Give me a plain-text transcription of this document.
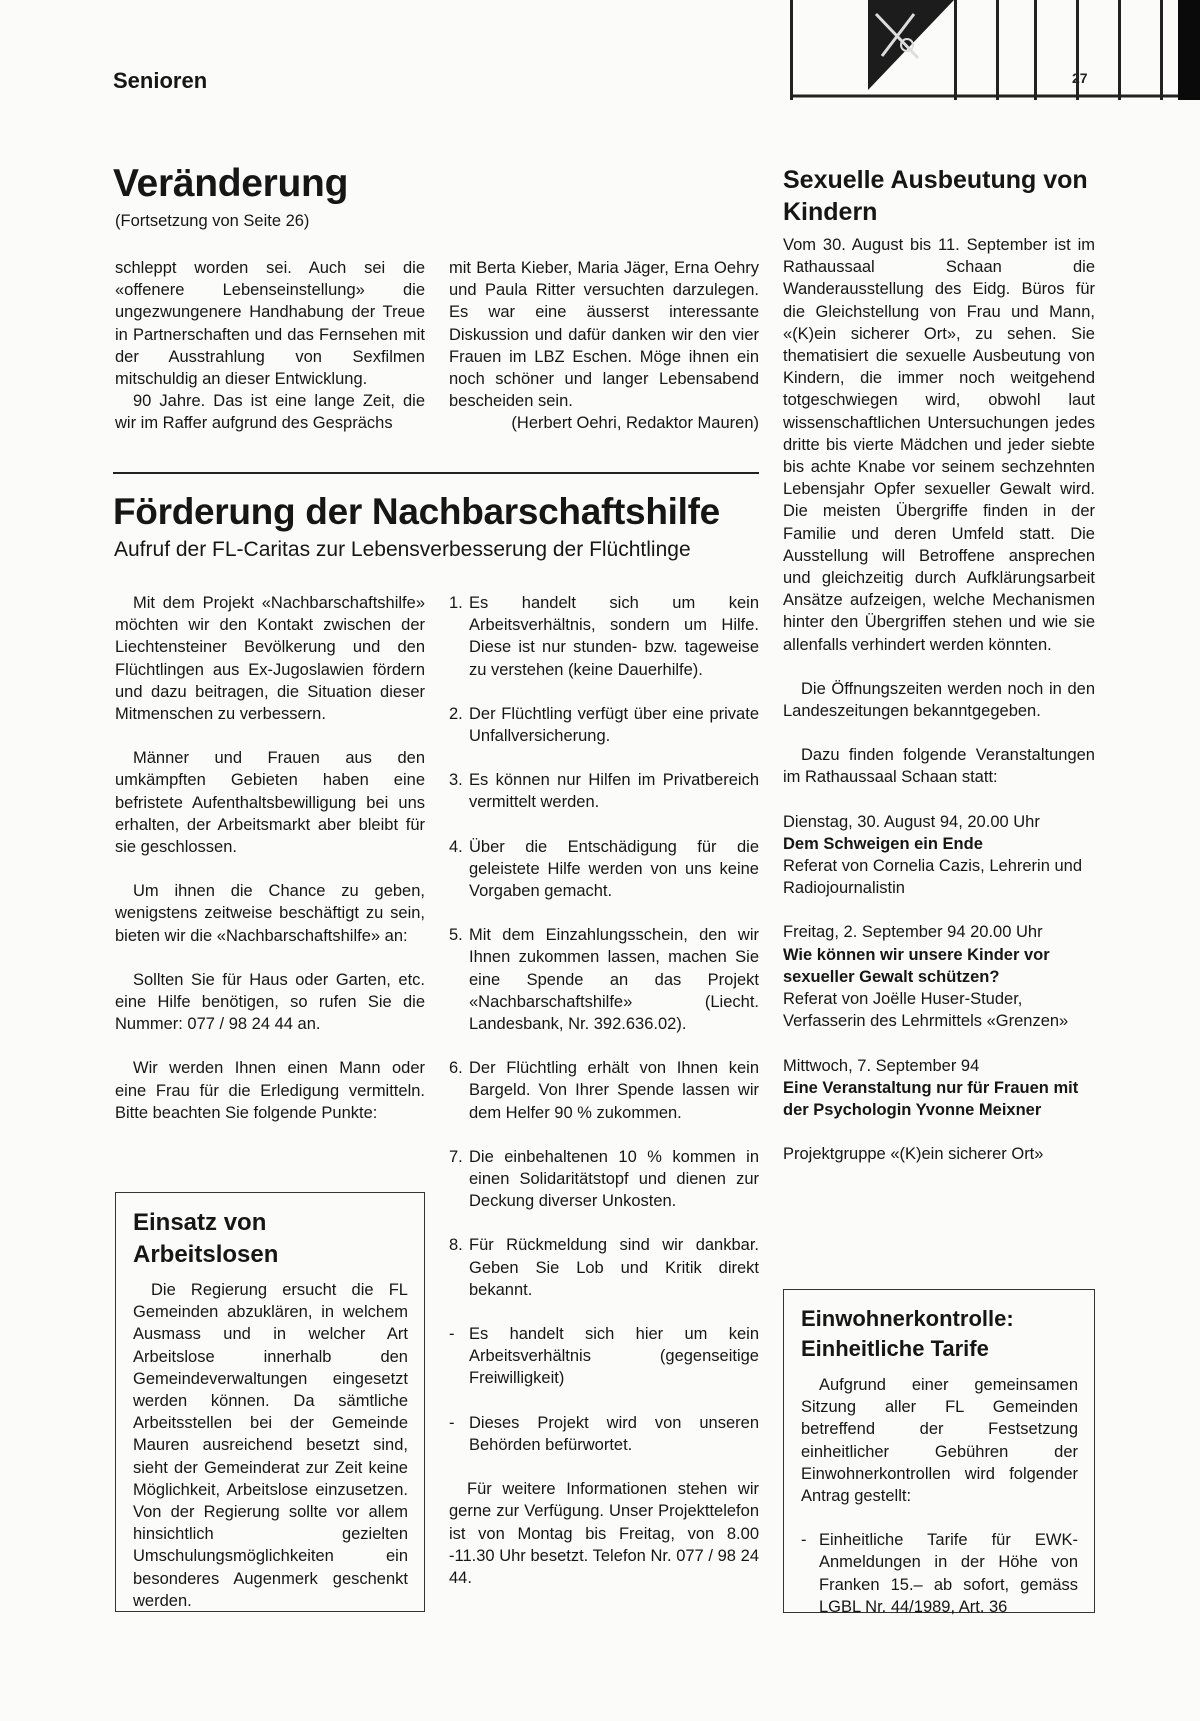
27
Senioren
Veränderung
(Fortsetzung von Seite 26)

schleppt worden sei. Auch sei die «offenere Lebenseinstellung» die ungezwungenere Handhabung der Treue in Partnerschaften und das Fernsehen mit der Ausstrahlung von Sexfilmen mitschuldig an dieser Entwicklung.

90 Jahre. Das ist eine lange Zeit, die wir im Raffer aufgrund des Gesprächs

mit Berta Kieber, Maria Jäger, Erna Oehry und Paula Ritter versuchten darzulegen. Es war eine äusserst interessante Diskussion und dafür danken wir den vier Frauen im LBZ Eschen. Möge ihnen ein noch schöner und langer Lebensabend bescheiden sein.

(Herbert Oehri, Redaktor Mauren)

Förderung der Nachbarschaftshilfe
Aufruf der FL-Caritas zur Lebensverbesserung der Flüchtlinge

Mit dem Projekt «Nachbarschaftshilfe» möchten wir den Kontakt zwischen der Liechtensteiner Bevölkerung und den Flüchtlingen aus Ex-Jugoslawien fördern und dazu beitragen, die Situation dieser Mitmenschen zu verbessern.

Männer und Frauen aus den umkämpften Gebieten haben eine befristete Aufenthaltsbewilligung bei uns erhalten, der Arbeitsmarkt aber bleibt für sie geschlossen.

Um ihnen die Chance zu geben, wenigstens zeitweise beschäftigt zu sein, bieten wir die «Nachbarschaftshilfe» an:

Sollten Sie für Haus oder Garten, etc. eine Hilfe benötigen, so rufen Sie die Nummer: 077 / 98 24 44 an.

Wir werden Ihnen einen Mann oder eine Frau für die Erledigung vermitteln. Bitte beachten Sie folgende Punkte:

Einsatz von Arbeitslosen

Die Regierung ersucht die FL Gemeinden abzuklären, in welchem Ausmass und in welcher Art Arbeitslose innerhalb den Gemeindeverwaltungen eingesetzt werden können. Da sämtliche Arbeitsstellen bei der Gemeinde Mauren ausreichend besetzt sind, sieht der Gemeinderat zur Zeit keine Möglichkeit, Arbeitslose einzusetzen. Von der Regierung sollte vor allem hinsichtlich gezielten Umschulungsmöglichkeiten ein besonderes Augenmerk geschenkt werden.

1. Es handelt sich um kein Arbeitsverhältnis, sondern um Hilfe. Diese ist nur stunden- bzw. tageweise zu verstehen (keine Dauerhilfe).
2. Der Flüchtling verfügt über eine private Unfallversicherung.
3. Es können nur Hilfen im Privatbereich vermittelt werden.
4. Über die Entschädigung für die geleistete Hilfe werden von uns keine Vorgaben gemacht.
5. Mit dem Einzahlungsschein, den wir Ihnen zukommen lassen, machen Sie eine Spende an das Projekt «Nachbarschaftshilfe» (Liecht. Landesbank, Nr. 392.636.02).
6. Der Flüchtling erhält von Ihnen kein Bargeld. Von Ihrer Spende lassen wir dem Helfer 90 % zukommen.
7. Die einbehaltenen 10 % kommen in einen Solidaritätstopf und dienen zur Deckung diverser Unkosten.
8. Für Rückmeldung sind wir dankbar. Geben Sie Lob und Kritik direkt bekannt.
- Es handelt sich hier um kein Arbeitsverhältnis (gegenseitige Freiwilligkeit)
- Dieses Projekt wird von unseren Behörden befürwortet.

Für weitere Informationen stehen wir gerne zur Verfügung. Unser Projekttelefon ist von Montag bis Freitag, von 8.00 -11.30 Uhr besetzt. Telefon Nr. 077 / 98 24 44.

Sexuelle Ausbeutung von Kindern

Vom 30. August bis 11. September ist im Rathaussaal Schaan die Wanderausstellung des Eidg. Büros für die Gleichstellung von Frau und Mann, «(K)ein sicherer Ort», zu sehen. Sie thematisiert die sexuelle Ausbeutung von Kindern, die immer noch weitgehend totgeschwiegen wird, obwohl laut wissenschaftlichen Untersuchungen jedes dritte bis vierte Mädchen und jeder siebte bis achte Knabe vor seinem sechzehnten Lebensjahr Opfer sexueller Gewalt wird. Die meisten Übergriffe finden in der Familie und deren Umfeld statt. Die Ausstellung will Betroffene ansprechen und gleichzeitig durch Aufklärungsarbeit Ansätze aufzeigen, welche Mechanismen hinter den Übergriffen stehen und wie sie allenfalls verhindert werden könnten.

Die Öffnungszeiten werden noch in den Landeszeitungen bekanntgegeben.

Dazu finden folgende Veranstaltungen im Rathaussaal Schaan statt:

Dienstag, 30. August 94, 20.00 Uhr

Dem Schweigen ein Ende

Referat von Cornelia Cazis, Lehrerin und Radiojournalistin

Freitag, 2. September 94 20.00 Uhr

Wie können wir unsere Kinder vor sexueller Gewalt schützen?

Referat von Joëlle Huser-Studer, Verfasserin des Lehrmittels «Grenzen»

Mittwoch, 7. September 94

Eine Veranstaltung nur für Frauen mit der Psychologin Yvonne Meixner

Projektgruppe «(K)ein sicherer Ort»

Einwohnerkontrolle: Einheitliche Tarife

Aufgrund einer gemeinsamen Sitzung aller FL Gemeinden betreffend der Festsetzung einheitlicher Gebühren der Einwohnerkontrollen wird folgender Antrag gestellt:

- Einheitliche Tarife für EWK-Anmeldungen in der Höhe von Franken 15.– ab sofort, gemäss LGBL Nr. 44/1989, Art. 36
